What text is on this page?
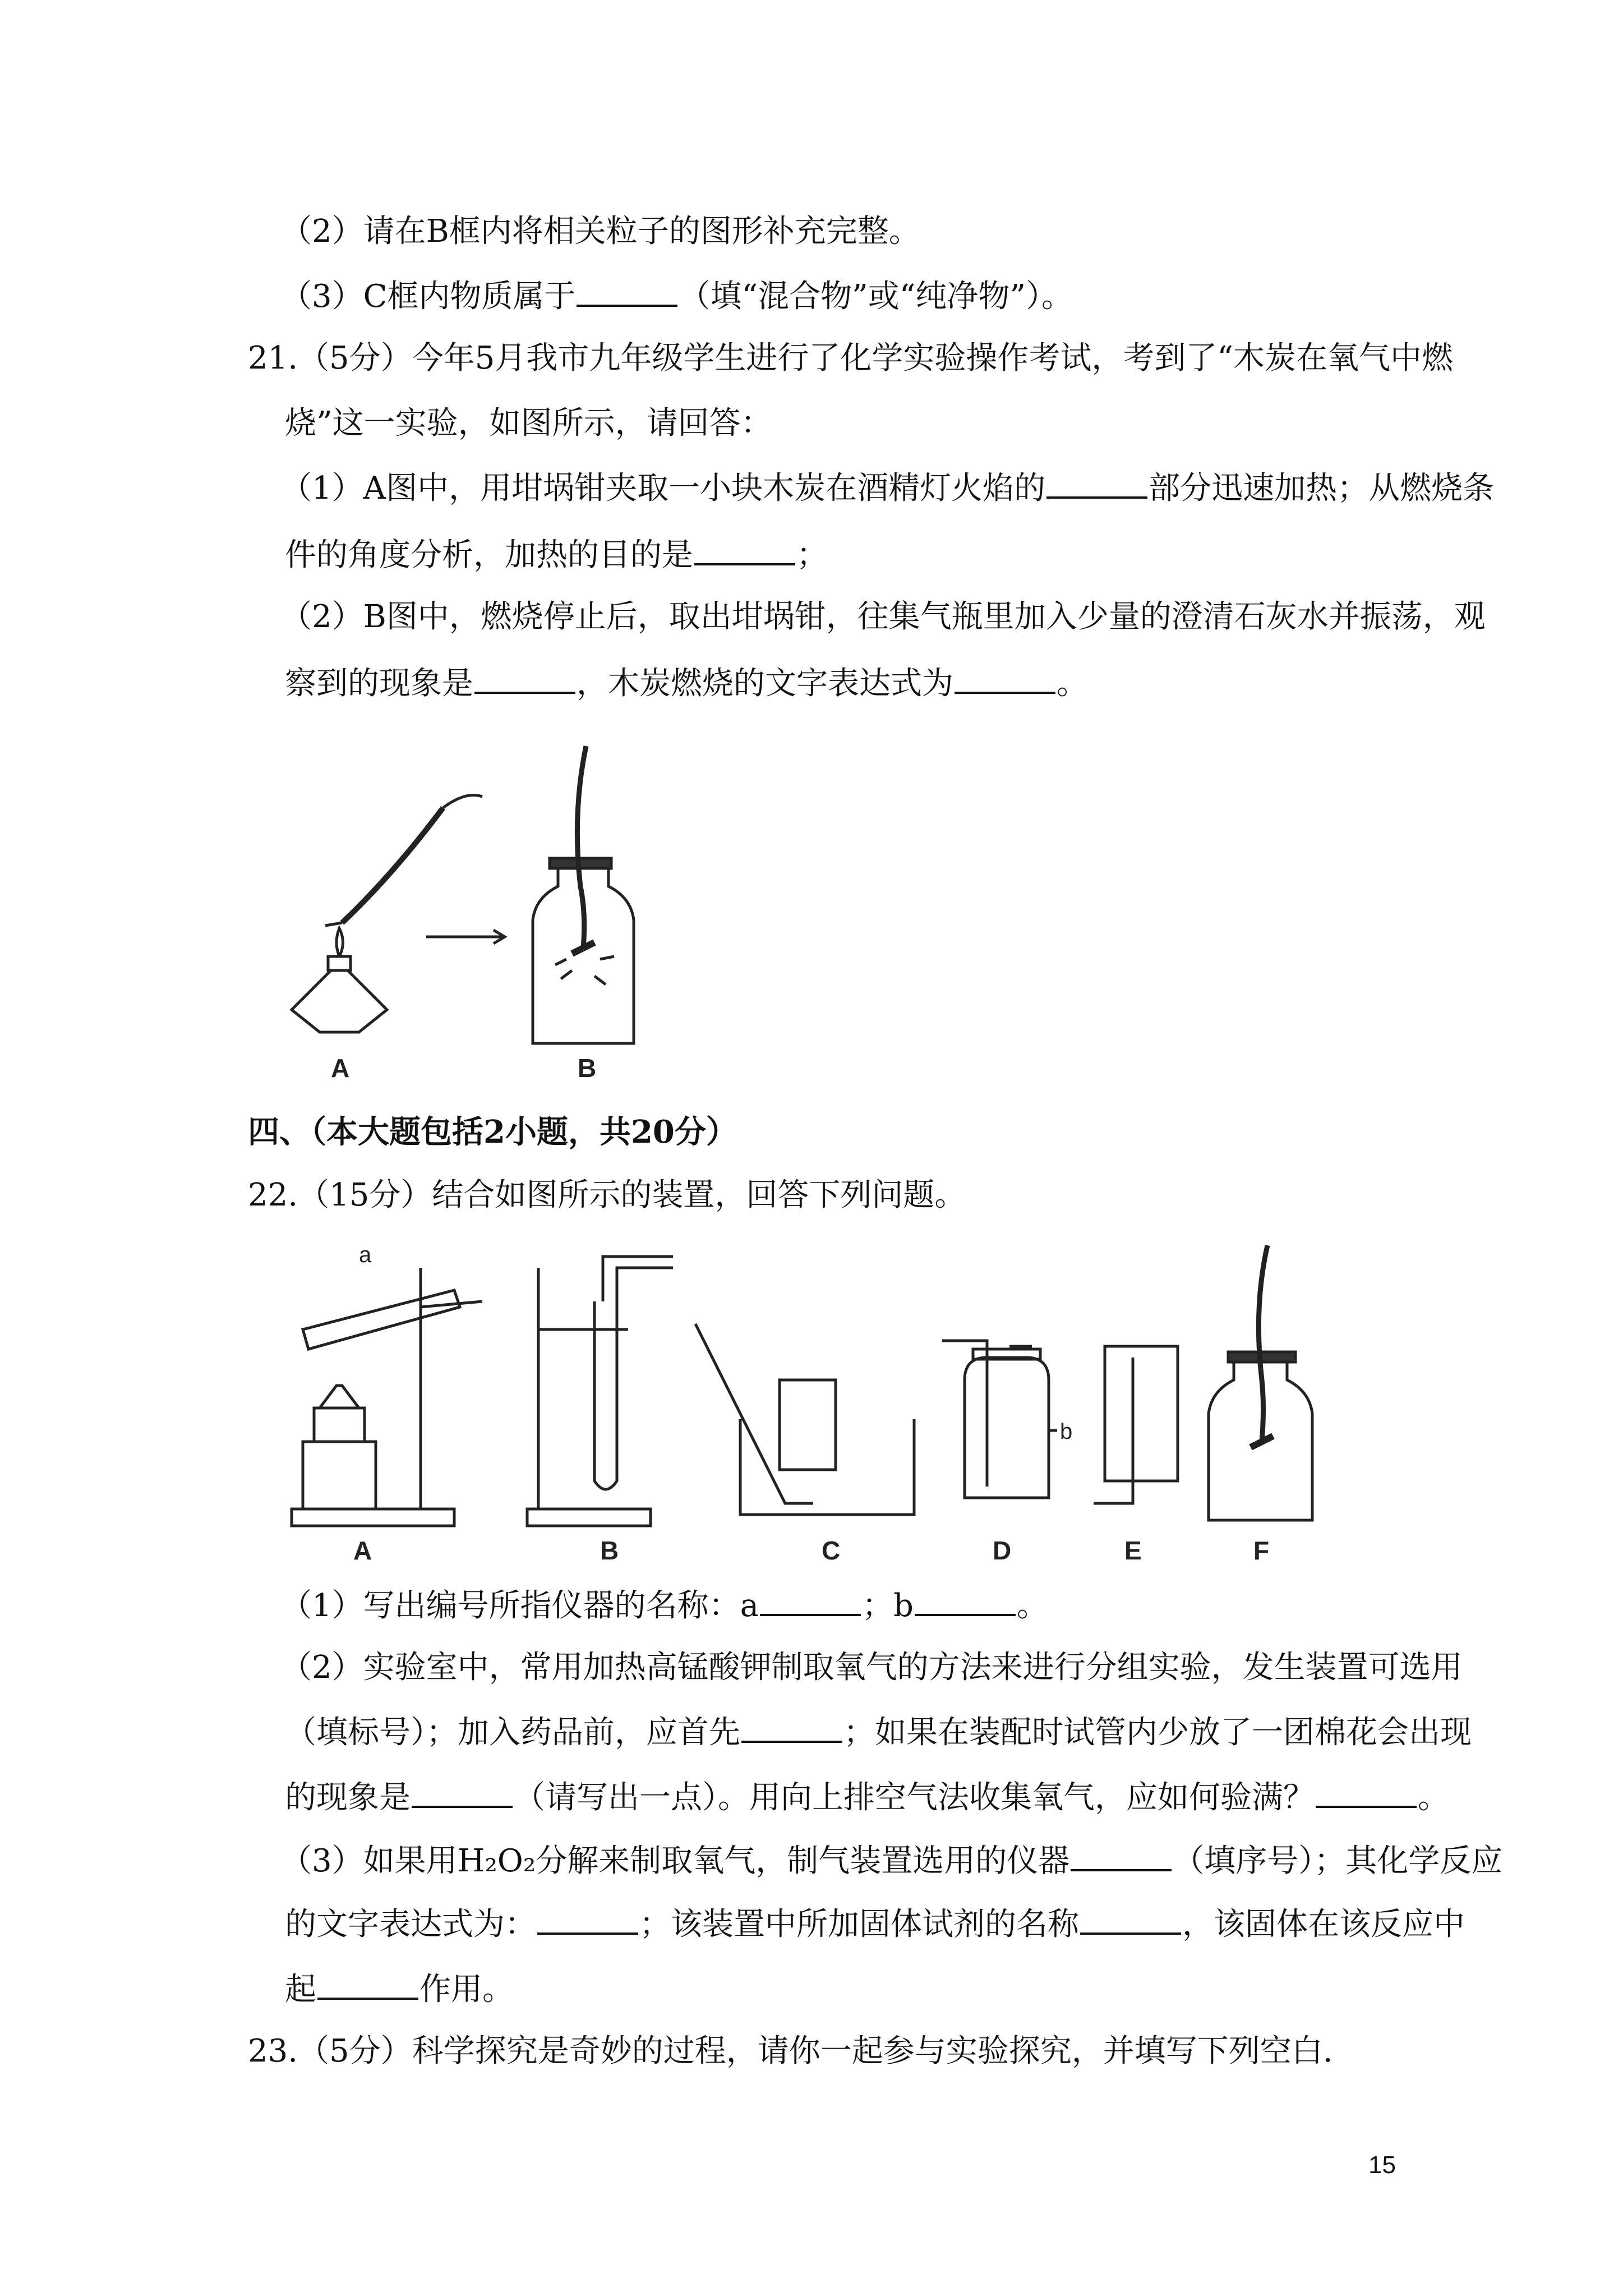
（2）请在B框内将相关粒子的图形补充完整。
（3）C框内物质属于	（填“混合物”或“纯净物”）。
21.（5分）今年5月我市九年级学生进行了化学实验操作考试，考到了“木炭在氧气中燃
烧”这一实验，如图所示，请回答：
（1）A图中，用坩埚钳夹取一小块木炭在酒精灯火焰的	部分迅速加热；从燃烧条
件的角度分析，加热的目的是	；
（2）B图中，燃烧停止后，取出坩埚钳，往集气瓶里加入少量的澄清石灰水并振荡，观
察到的现象是	，木炭燃烧的文字表达式为	。
四、（本大题包括2小题，共20分）
22.（15分）结合如图所示的装置，回答下列问题。
（1）写出编号所指仪器的名称：a	；b	。
（2）实验室中，常用加热高锰酸钾制取氧气的方法来进行分组实验，发生装置可选用
（填标号）；加入药品前，应首先	；如果在装配时试管内少放了一团棉花会出现
的现象是	（请写出一点）。用向上排空气法收集氧气，应如何验满？	。
（3）如果用H₂O₂分解来制取氧气，制气装置选用的仪器	（填序号）；其化学反应
的文字表达式为：	；该装置中所加固体试剂的名称	，该固体在该反应中
起	作用。
23.（5分）科学探究是奇妙的过程，请你一起参与实验探究，并填写下列空白.
A	B
a
b
A	B	C	D	E	F
15
